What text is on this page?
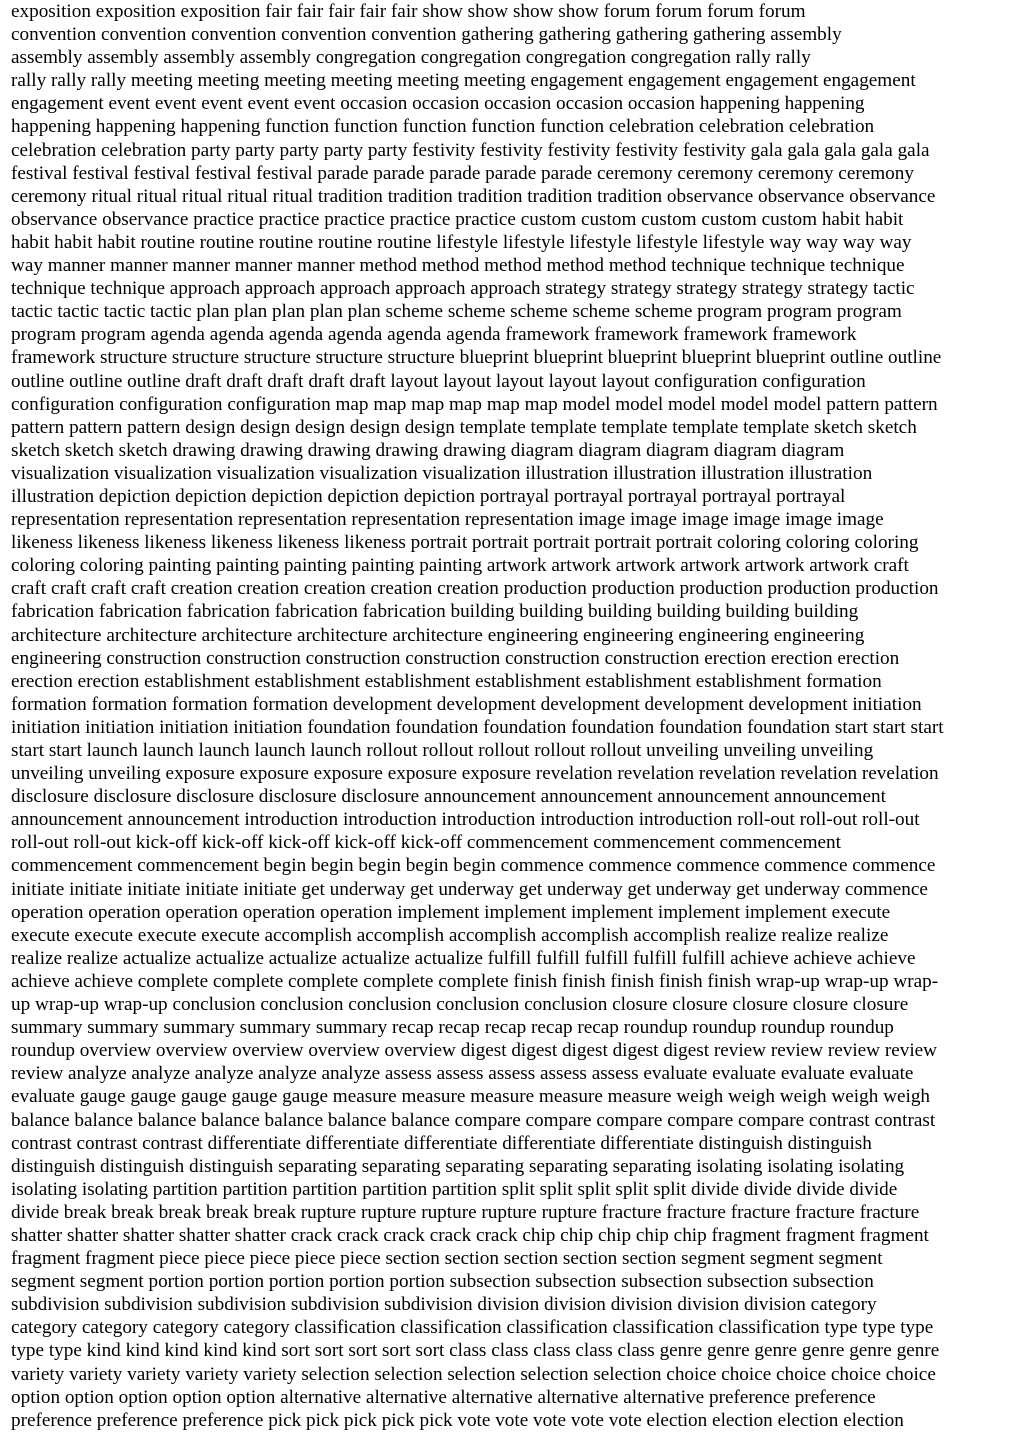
exposition exposition exposition fair fair fair fair fair show show show show forum forum forum forum
convention convention convention convention convention gathering gathering gathering gathering assembly
assembly assembly assembly assembly congregation congregation congregation congregation rally rally
rally rally rally meeting meeting meeting meeting meeting meeting engagement engagement engagement engagement
engagement event event event event event occasion occasion occasion occasion occasion happening happening
happening happening happening function function function function function celebration celebration celebration
celebration celebration party party party party party festivity festivity festivity festivity festivity gala gala gala gala gala
festival festival festival festival festival parade parade parade parade parade ceremony ceremony ceremony ceremony
ceremony ritual ritual ritual ritual ritual tradition tradition tradition tradition tradition observance observance observance
observance observance practice practice practice practice practice custom custom custom custom custom habit habit
habit habit habit routine routine routine routine routine lifestyle lifestyle lifestyle lifestyle lifestyle way way way way
way manner manner manner manner manner method method method method method technique technique technique
technique technique approach approach approach approach approach strategy strategy strategy strategy strategy tactic
tactic tactic tactic tactic plan plan plan plan plan scheme scheme scheme scheme scheme program program program
program program agenda agenda agenda agenda agenda agenda framework framework framework framework
framework structure structure structure structure structure blueprint blueprint blueprint blueprint blueprint outline outline
outline outline outline draft draft draft draft draft layout layout layout layout layout configuration configuration
configuration configuration configuration map map map map map map model model model model model pattern pattern
pattern pattern pattern design design design design design template template template template template sketch sketch
sketch sketch sketch drawing drawing drawing drawing drawing diagram diagram diagram diagram diagram
visualization visualization visualization visualization visualization illustration illustration illustration illustration
illustration depiction depiction depiction depiction depiction portrayal portrayal portrayal portrayal portrayal
representation representation representation representation representation image image image image image image
likeness likeness likeness likeness likeness likeness portrait portrait portrait portrait portrait coloring coloring coloring
coloring coloring painting painting painting painting painting artwork artwork artwork artwork artwork artwork craft
craft craft craft craft creation creation creation creation creation production production production production production
fabrication fabrication fabrication fabrication fabrication building building building building building building
architecture architecture architecture architecture architecture engineering engineering engineering engineering
engineering construction construction construction construction construction construction erection erection erection
erection erection establishment establishment establishment establishment establishment establishment formation
formation formation formation formation development development development development development initiation
initiation initiation initiation initiation foundation foundation foundation foundation foundation foundation start start start
start start launch launch launch launch launch rollout rollout rollout rollout rollout unveiling unveiling unveiling
unveiling unveiling exposure exposure exposure exposure exposure revelation revelation revelation revelation revelation
disclosure disclosure disclosure disclosure disclosure announcement announcement announcement announcement
announcement announcement introduction introduction introduction introduction introduction roll-out roll-out roll-out
roll-out roll-out kick-off kick-off kick-off kick-off kick-off commencement commencement commencement
commencement commencement begin begin begin begin begin commence commence commence commence commence
initiate initiate initiate initiate initiate get underway get underway get underway get underway get underway commence
operation operation operation operation operation implement implement implement implement implement execute
execute execute execute execute accomplish accomplish accomplish accomplish accomplish realize realize realize
realize realize actualize actualize actualize actualize actualize fulfill fulfill fulfill fulfill fulfill achieve achieve achieve
achieve achieve complete complete complete complete complete finish finish finish finish finish wrap-up wrap-up wrap-
up wrap-up wrap-up conclusion conclusion conclusion conclusion conclusion closure closure closure closure closure
summary summary summary summary summary recap recap recap recap recap roundup roundup roundup roundup
roundup overview overview overview overview overview digest digest digest digest digest review review review review
review analyze analyze analyze analyze analyze assess assess assess assess assess evaluate evaluate evaluate evaluate
evaluate gauge gauge gauge gauge gauge measure measure measure measure measure weigh weigh weigh weigh weigh
balance balance balance balance balance balance balance compare compare compare compare compare contrast contrast
contrast contrast contrast differentiate differentiate differentiate differentiate differentiate distinguish distinguish
distinguish distinguish distinguish separating separating separating separating separating isolating isolating isolating
isolating isolating partition partition partition partition partition split split split split split divide divide divide divide
divide break break break break break rupture rupture rupture rupture rupture fracture fracture fracture fracture fracture
shatter shatter shatter shatter shatter crack crack crack crack crack chip chip chip chip chip fragment fragment fragment
fragment fragment piece piece piece piece piece section section section section section segment segment segment
segment segment portion portion portion portion portion subsection subsection subsection subsection subsection
subdivision subdivision subdivision subdivision subdivision division division division division division category
category category category category classification classification classification classification classification type type type
type type kind kind kind kind kind sort sort sort sort sort class class class class class genre genre genre genre genre genre
variety variety variety variety variety selection selection selection selection selection choice choice choice choice choice
option option option option option alternative alternative alternative alternative alternative preference preference
preference preference preference pick pick pick pick pick vote vote vote vote vote election election election election
